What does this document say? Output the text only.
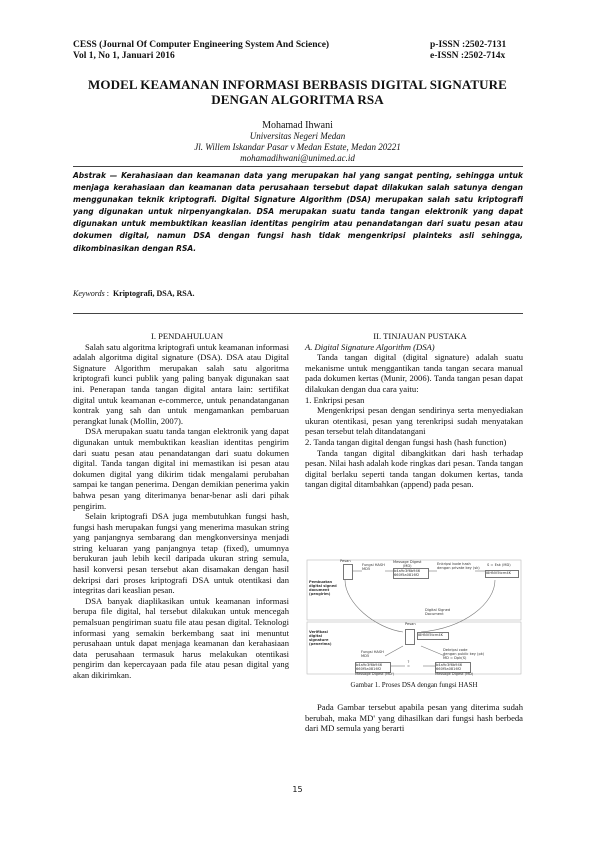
CESS (Journal Of Computer Engineering System And Science)
Vol 1, No 1, Januari 2016
p-ISSN :2502-7131
e-ISSN :2502-714x
MODEL KEAMANAN INFORMASI BERBASIS DIGITAL SIGNATURE
DENGAN ALGORITMA RSA
Mohamad Ihwani
Universitas Negeri Medan
Jl. Willem Iskandar Pasar v Medan Estate, Medan 20221
mohamadihwani@unimed.ac.id
Abstrak — Kerahasiaan dan keamanan data yang merupakan hal yang sangat penting, sehingga untuk menjaga kerahasiaan dan keamanan data perusahaan tersebut dapat dilakukan salah satunya dengan menggunakan teknik kriptografi. Digital Signature Algorithm (DSA) merupakan salah satu kriptografi yang digunakan untuk nirpenyangkalan. DSA merupakan suatu tanda tangan elektronik yang dapat digunakan untuk membuktikan keaslian identitas pengirim atau penandatangan dari suatu pesan atau dokumen digital, namun DSA dengan fungsi hash tidak mengenkripsi plainteks asli sehingga, dikombinasikan dengan RSA.
Keywords : Kriptografi, DSA, RSA.

I. PENDAHULUAN

Salah satu algoritma kriptografi untuk keamanan informasi adalah algoritma digital signature (DSA). DSA atau Digital Signature Algorithm merupakan salah satu algoritma kriptografi kunci publik yang paling banyak digunakan saat ini. Penerapan tanda tangan digital antara lain: sertifikat digital untuk keamanan e-commerce, untuk penandatanganan kontrak yang sah dan untuk mengamankan pembaruan perangkat lunak (Mollin, 2007).

DSA merupakan suatu tanda tangan elektronik yang dapat digunakan untuk membuktikan keaslian identitas pengirim dari suatu pesan atau penandatangan dari suatu dokumen digital. Tanda tangan digital ini memastikan isi pesan atau dokumen digital yang dikirim tidak mengalami perubahan sampai ke tangan penerima. Dengan demikian penerima yakin bahwa pesan yang diterimanya benar-benar asli dari pihak pengirim.

Selain kriptografi DSA juga membutuhkan fungsi hash, fungsi hash merupakan fungsi yang menerima masukan string yang panjangnya sembarang dan mengkonversinya menjadi string keluaran yang panjangnya tetap (fixed), umumnya berukuran jauh lebih kecil daripada ukuran string semula, hasil konversi pesan tersebut akan disamakan dengan hasil dekripsi dari proses kriptografi DSA untuk otentikasi dan integritas dari keaslian pesan.

DSA banyak diaplikasikan untuk keamanan informasi berupa file digital, hal tersebut dilakukan untuk mencegah pemalsuan pengiriman suatu file atau pesan digital. Teknologi informasi yang semakin berkembang saat ini menuntut perusahaan untuk dapat menjaga keamanan dan kerahasiaan data perusahaan termasuk harus melakukan otentikasi pengirim dan kepercayaan pada file atau pesan digital yang akan dikirimkan.

II. TINJAUAN PUSTAKA

A. Digital Signature Algorithm (DSA)

Tanda tangan digital (digital signature) adalah suatu mekanisme untuk menggantikan tanda tangan secara manual pada dokumen kertas (Munir, 2006). Tanda tangan pesan dapat dilakukan dengan dua cara yaitu:

1. Enkripsi pesan

Mengenkripsi pesan dengan sendirinya serta menyediakan ukuran otentikasi, pesan yang terenkripsi sudah menyatakan pesan tersebut telah ditandatangani

2. Tanda tangan digital dengan fungsi hash (hash function)

Tanda tangan digital dibangkitkan dari hash terhadap pesan. Nilai hash adalah kode ringkas dari pesan. Tanda tangan digital berlaku seperti tanda tangan dokumen kertas, tanda tangan digital ditambahkan (append) pada pesan.

Pesan
Fungsi HASH
MD5
Message Digest
(MD)
b4a9c3f6b946
660f5a0816f2
Enkripsi kode hash
dengan private key (sk)
S = Esk (MD)
I8HNV5tcm4K
Pembuatan digital signed document (pengirim)
Digital Signed Document
Pesan
I8HNV5tcm4K
Verifikasi digital signature (penerima)
Fungsi HASH
MD5
Dekripsi code
dengan public key (pk)
MD = Dpk(S)
b4a9c3f6b946
660f5a0816f2
?
=	b4a9c3f6b946
660f5a0816f2
Message Digest (MD')	Message Digest (MD)
Gambar 1. Proses DSA dengan fungsi HASH

Pada Gambar tersebut apabila pesan yang diterima sudah berubah, maka MD' yang dihasilkan dari fungsi hash berbeda dari MD semula yang berarti

15
